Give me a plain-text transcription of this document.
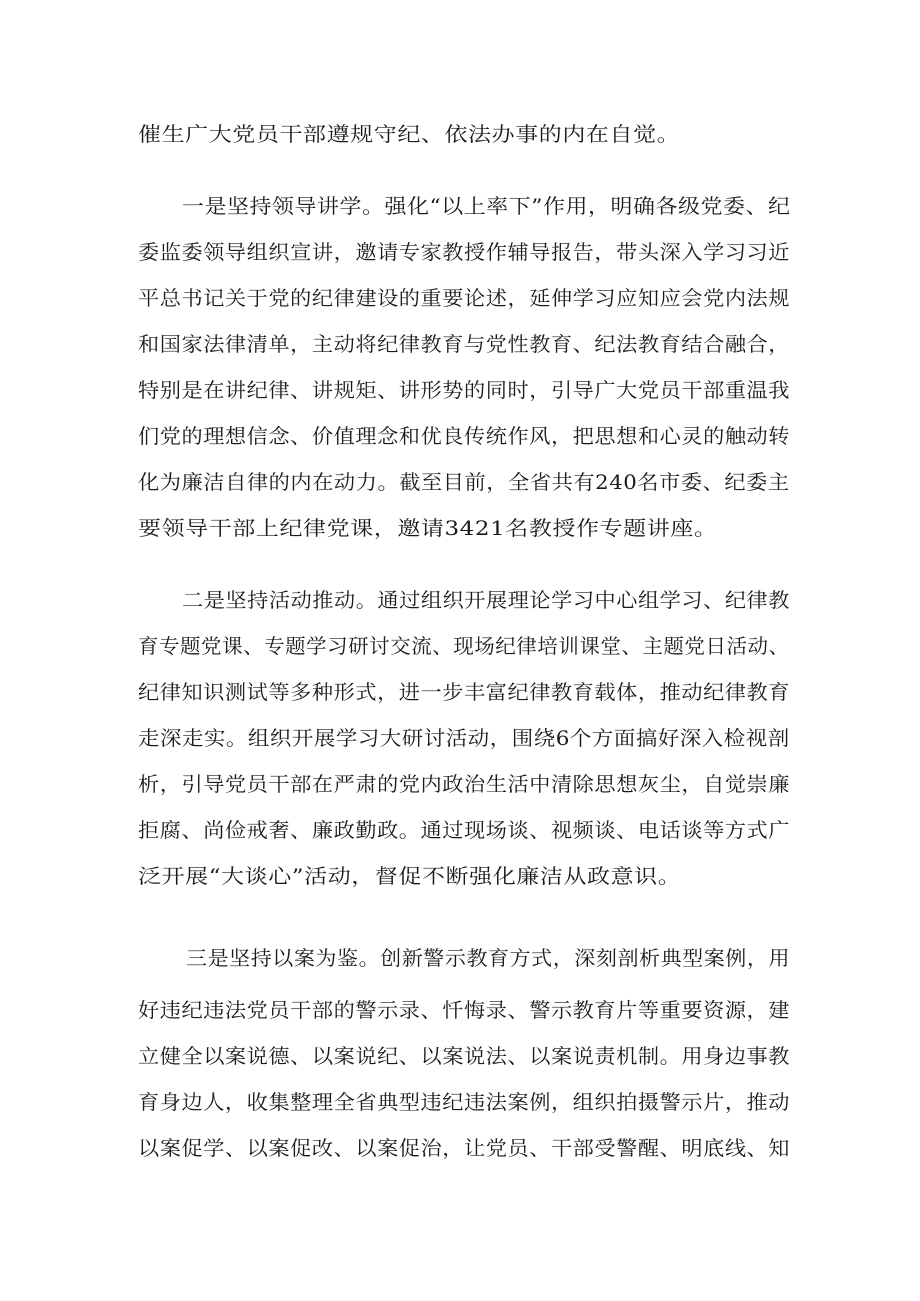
催生广大党员干部遵规守纪、依法办事的内在自觉。
一是坚持领导讲学。强化“以上率下”作用，明确各级党委、纪
委监委领导组织宣讲，邀请专家教授作辅导报告，带头深入学习习近
平总书记关于党的纪律建设的重要论述，延伸学习应知应会党内法规
和国家法律清单，主动将纪律教育与党性教育、纪法教育结合融合，
特别是在讲纪律、讲规矩、讲形势的同时，引导广大党员干部重温我
们党的理想信念、价值理念和优良传统作风，把思想和心灵的触动转
化为廉洁自律的内在动力。截至目前，全省共有240名市委、纪委主
要领导干部上纪律党课，邀请3421名教授作专题讲座。
二是坚持活动推动。通过组织开展理论学习中心组学习、纪律教
育专题党课、专题学习研讨交流、现场纪律培训课堂、主题党日活动、
纪律知识测试等多种形式，进一步丰富纪律教育载体，推动纪律教育
走深走实。组织开展学习大研讨活动，围绕6个方面搞好深入检视剖
析，引导党员干部在严肃的党内政治生活中清除思想灰尘，自觉崇廉
拒腐、尚俭戒奢、廉政勤政。通过现场谈、视频谈、电话谈等方式广
泛开展“大谈心”活动，督促不断强化廉洁从政意识。
三是坚持以案为鉴。创新警示教育方式，深刻剖析典型案例，用
好违纪违法党员干部的警示录、忏悔录、警示教育片等重要资源，建
立健全以案说德、以案说纪、以案说法、以案说责机制。用身边事教
育身边人，收集整理全省典型违纪违法案例，组织拍摄警示片，推动
以案促学、以案促改、以案促治，让党员、干部受警醒、明底线、知
